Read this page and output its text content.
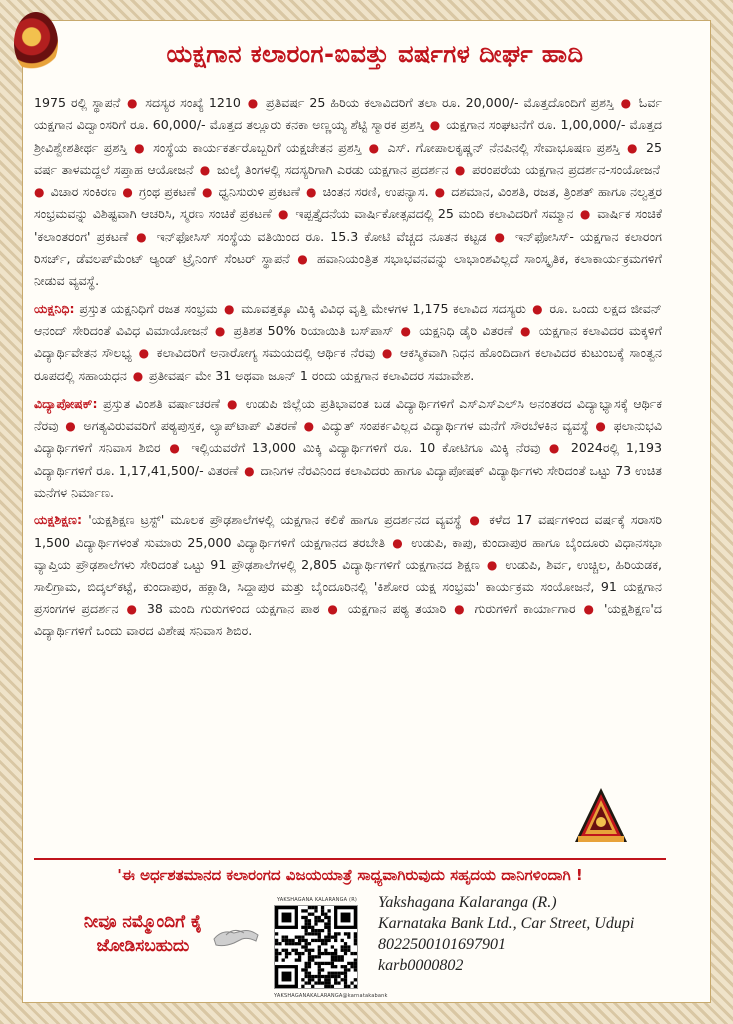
ಯಕ್ಷಗಾನ ಕಲಾರಂಗ-ಐವತ್ತು ವರ್ಷಗಳ ದೀರ್ಘ ಹಾದಿ

1975 ರಲ್ಲಿ ಸ್ಥಾಪನೆ ● ಸದಸ್ಯರ ಸಂಖ್ಯೆ 1210 ● ಪ್ರತಿವರ್ಷ 25 ಹಿರಿಯ ಕಲಾವಿದರಿಗೆ ತಲಾ ರೂ. 20,000/- ಮೊತ್ತದೊಂದಿಗೆ ಪ್ರಶಸ್ತಿ ● ಓರ್ವ ಯಕ್ಷಗಾನ ವಿದ್ವಾಂಸರಿಗೆ ರೂ. 60,000/- ಮೊತ್ತದ ತಲ್ಲೂರು ಕನಕಾ ಅಣ್ಣಯ್ಯ ಶೆಟ್ಟಿ ಸ್ಮಾರಕ ಪ್ರಶಸ್ತಿ ● ಯಕ್ಷಗಾನ ಸಂಘಟನೆಗೆ ರೂ. 1,00,000/- ಮೊತ್ತದ ಶ್ರೀವಿಶ್ವೇಶತೀರ್ಥ ಪ್ರಶಸ್ತಿ ● ಸಂಸ್ಥೆಯ ಕಾರ್ಯಕರ್ತರೊಬ್ಬರಿಗೆ ಯಕ್ಷಚೇತನ ಪ್ರಶಸ್ತಿ ● ಎಸ್. ಗೋಪಾಲಕೃಷ್ಣನ್ ನೆನಪಿನಲ್ಲಿ ಸೇವಾಭೂಷಣ ಪ್ರಶಸ್ತಿ ● 25 ವರ್ಷ ತಾಳಮದ್ದಲೆ ಸಪ್ತಾಹ ಆಯೋಜನೆ ● ಜುಲೈ ತಿಂಗಳಲ್ಲಿ ಸದಸ್ಯರಿಗಾಗಿ ಎರಡು ಯಕ್ಷಗಾನ ಪ್ರದರ್ಶನ ● ಪರಂಪರೆಯ ಯಕ್ಷಗಾನ ಪ್ರದರ್ಶನ-ಸಂಯೋಜನೆ ● ವಿಚಾರ ಸಂಕಿರಣ ● ಗ್ರಂಥ ಪ್ರಕಟಣೆ ● ಧ್ವನಿಸುರುಳಿ ಪ್ರಕಟಣೆ ● ಚಿಂತನ ಸರಣಿ, ಉಪನ್ಯಾಸ. ● ದಶಮಾನ, ವಿಂಶತಿ, ರಜತ, ತ್ರಿಂಶತ್ ಹಾಗೂ ನಲ್ವತ್ತರ ಸಂಭ್ರಮವನ್ನು ವಿಶಿಷ್ಟವಾಗಿ ಆಚರಿಸಿ, ಸ್ಮರಣ ಸಂಚಿಕೆ ಪ್ರಕಟಣೆ ● ಇಪ್ಪತ್ತೈದನೆಯ ವಾರ್ಷಿಕೋತ್ಸವದಲ್ಲಿ 25 ಮಂದಿ ಕಲಾವಿದರಿಗೆ ಸಮ್ಮಾನ ● ವಾರ್ಷಿಕ ಸಂಚಿಕೆ 'ಕಲಾಂತರಂಗ' ಪ್ರಕಟಣೆ ● ಇನ್‌ಫೋಸಿಸ್ ಸಂಸ್ಥೆಯ ವತಿಯಿಂದ ರೂ. 15.3 ಕೋಟಿ ವೆಚ್ಚದ ನೂತನ ಕಟ್ಟಡ ● ಇನ್‌ಫೋಸಿಸ್- ಯಕ್ಷಗಾನ ಕಲಾರಂಗ ರಿಸರ್ಚ್, ಡೆವಲಪ್‌ಮೆಂಟ್ ಆ್ಯಂಡ್ ಟ್ರೈನಿಂಗ್ ಸೆಂಟರ್ ಸ್ಥಾಪನೆ ● ಹವಾನಿಯಂತ್ರಿತ ಸಭಾಭವನವನ್ನು ಲಾಭಾಂಶವಿಲ್ಲದೆ ಸಾಂಸ್ಕೃತಿಕ, ಕಲಾಕಾರ್ಯಕ್ರಮಗಳಿಗೆ ನೀಡುವ ವ್ಯವಸ್ಥೆ.

ಯಕ್ಷನಿಧಿ: ಪ್ರಸ್ತುತ ಯಕ್ಷನಿಧಿಗೆ ರಜತ ಸಂಭ್ರಮ ● ಮೂವತ್ತಕ್ಕೂ ಮಿಕ್ಕಿ ವಿವಿಧ ವೃತ್ತಿ ಮೇಳಗಳ 1,175 ಕಲಾವಿದ ಸದಸ್ಯರು ● ರೂ. ಒಂದು ಲಕ್ಷದ ಜೀವನ್ ಆನಂದ್ ಸೇರಿದಂತೆ ವಿವಿಧ ವಿಮಾಯೋಜನೆ ● ಪ್ರತಿಶತ 50% ರಿಯಾಯಿತಿ ಬಸ್‌ಪಾಸ್ ● ಯಕ್ಷನಿಧಿ ಡೈರಿ ವಿತರಣೆ ● ಯಕ್ಷಗಾನ ಕಲಾವಿದರ ಮಕ್ಕಳಿಗೆ ವಿದ್ಯಾರ್ಥಿವೇತನ ಸೌಲಭ್ಯ ● ಕಲಾವಿದರಿಗೆ ಅನಾರೋಗ್ಯ ಸಮಯದಲ್ಲಿ ಆರ್ಥಿಕ ನೆರವು ● ಆಕಸ್ಮಿಕವಾಗಿ ನಿಧನ ಹೊಂದಿದಾಗ ಕಲಾವಿದರ ಕುಟುಂಬಕ್ಕೆ ಸಾಂತ್ವನ ರೂಪದಲ್ಲಿ ಸಹಾಯಧನ ● ಪ್ರತೀವರ್ಷ ಮೇ 31 ಅಥವಾ ಜೂನ್ 1 ರಂದು ಯಕ್ಷಗಾನ ಕಲಾವಿದರ ಸಮಾವೇಶ.

ವಿದ್ಯಾಪೋಷಕ್: ಪ್ರಸ್ತುತ ವಿಂಶತಿ ವರ್ಷಾಚರಣೆ ● ಉಡುಪಿ ಜಿಲ್ಲೆಯ ಪ್ರತಿಭಾವಂತ ಬಡ ವಿದ್ಯಾರ್ಥಿಗಳಿಗೆ ಎಸ್‌ಎಸ್‌ಎಲ್‌ಸಿ ಅನಂತರದ ವಿದ್ಯಾಭ್ಯಾಸಕ್ಕೆ ಆರ್ಥಿಕ ನೆರವು ● ಅಗತ್ಯವಿರುವವರಿಗೆ ಪಠ್ಯಪುಸ್ತಕ, ಲ್ಯಾಪ್‌ಟಾಪ್ ವಿತರಣೆ ● ವಿದ್ಯುತ್ ಸಂಪರ್ಕವಿಲ್ಲದ ವಿದ್ಯಾರ್ಥಿಗಳ ಮನೆಗೆ ಸೌರಬೆಳಕಿನ ವ್ಯವಸ್ಥೆ ● ಫಲಾನುಭವಿ ವಿದ್ಯಾರ್ಥಿಗಳಿಗೆ ಸನಿವಾಸ ಶಿಬಿರ ● ಇಲ್ಲಿಯವರೆಗೆ 13,000 ಮಿಕ್ಕಿ ವಿದ್ಯಾರ್ಥಿಗಳಿಗೆ ರೂ. 10 ಕೋಟಿಗೂ ಮಿಕ್ಕಿ ನೆರವು ● 2024ರಲ್ಲಿ 1,193 ವಿದ್ಯಾರ್ಥಿಗಳಿಗೆ ರೂ. 1,17,41,500/- ವಿತರಣೆ ● ದಾನಿಗಳ ನೆರವಿನಿಂದ ಕಲಾವಿದರು ಹಾಗೂ ವಿದ್ಯಾಪೋಷಕ್ ವಿದ್ಯಾರ್ಥಿಗಳು ಸೇರಿದಂತೆ ಒಟ್ಟು 73 ಉಚಿತ ಮನೆಗಳ ನಿರ್ಮಾಣ.

ಯಕ್ಷಶಿಕ್ಷಣ: 'ಯಕ್ಷಶಿಕ್ಷಣ ಟ್ರಸ್ಟ್' ಮೂಲಕ ಪ್ರೌಢಶಾಲೆಗಳಲ್ಲಿ ಯಕ್ಷಗಾನ ಕಲಿಕೆ ಹಾಗೂ ಪ್ರದರ್ಶನದ ವ್ಯವಸ್ಥೆ ● ಕಳೆದ 17 ವರ್ಷಗಳಿಂದ ವರ್ಷಕ್ಕೆ ಸರಾಸರಿ 1,500 ವಿದ್ಯಾರ್ಥಿಗಳಂತೆ ಸುಮಾರು 25,000 ವಿದ್ಯಾರ್ಥಿಗಳಿಗೆ ಯಕ್ಷಗಾನದ ತರಬೇತಿ ● ಉಡುಪಿ, ಕಾಪು, ಕುಂದಾಪುರ ಹಾಗೂ ಬೈಂದೂರು ವಿಧಾನಸಭಾ ವ್ಯಾಪ್ತಿಯ ಪ್ರೌಢಶಾಲೆಗಳು ಸೇರಿದಂತೆ ಒಟ್ಟು 91 ಪ್ರೌಢಶಾಲೆಗಳಲ್ಲಿ 2,805 ವಿದ್ಯಾರ್ಥಿಗಳಿಗೆ ಯಕ್ಷಗಾನದ ಶಿಕ್ಷಣ ● ಉಡುಪಿ, ಶಿರ್ವ, ಉಚ್ಚಿಲ, ಹಿರಿಯಡಕ, ಸಾಲಿಗ್ರಾಮ, ಬಿದ್ಕಲ್‌ಕಟ್ಟೆ, ಕುಂದಾಪುರ, ಹಕ್ಲಾಡಿ, ಸಿದ್ದಾಪುರ ಮತ್ತು ಬೈಂದೂರಿನಲ್ಲಿ 'ಕಿಶೋರ ಯಕ್ಷ ಸಂಭ್ರಮ' ಕಾರ್ಯಕ್ರಮ ಸಂಯೋಜನೆ, 91 ಯಕ್ಷಗಾನ ಪ್ರಸಂಗಗಳ ಪ್ರದರ್ಶನ ● 38 ಮಂದಿ ಗುರುಗಳಿಂದ ಯಕ್ಷಗಾನ ಪಾಠ ● ಯಕ್ಷಗಾನ ಪಠ್ಯ ತಯಾರಿ ● ಗುರುಗಳಿಗೆ ಕಾರ್ಯಾಗಾರ ● 'ಯಕ್ಷಶಿಕ್ಷಣ'ದ ವಿದ್ಯಾರ್ಥಿಗಳಿಗೆ ಒಂದು ವಾರದ ವಿಶೇಷ ಸನಿವಾಸ ಶಿಬಿರ.

'ಈ ಅರ್ಧಶತಮಾನದ ಕಲಾರಂಗದ ವಿಜಯಯಾತ್ರೆ ಸಾಧ್ಯವಾಗಿರುವುದು ಸಹೃದಯ ದಾನಿಗಳಿಂದಾಗಿ !
ನೀವೂ ನಮ್ಮೊಂದಿಗೆ ಕೈ
ಜೋಡಿಸಬಹುದು
YAKSHAGANA KALARANGA (R)
YAKSHAGANAKALARANGA@karnatakabank
Yakshagana Kalaranga (R.)
Karnataka Bank Ltd., Car Street, Udupi
8022500101697901
karb0000802
